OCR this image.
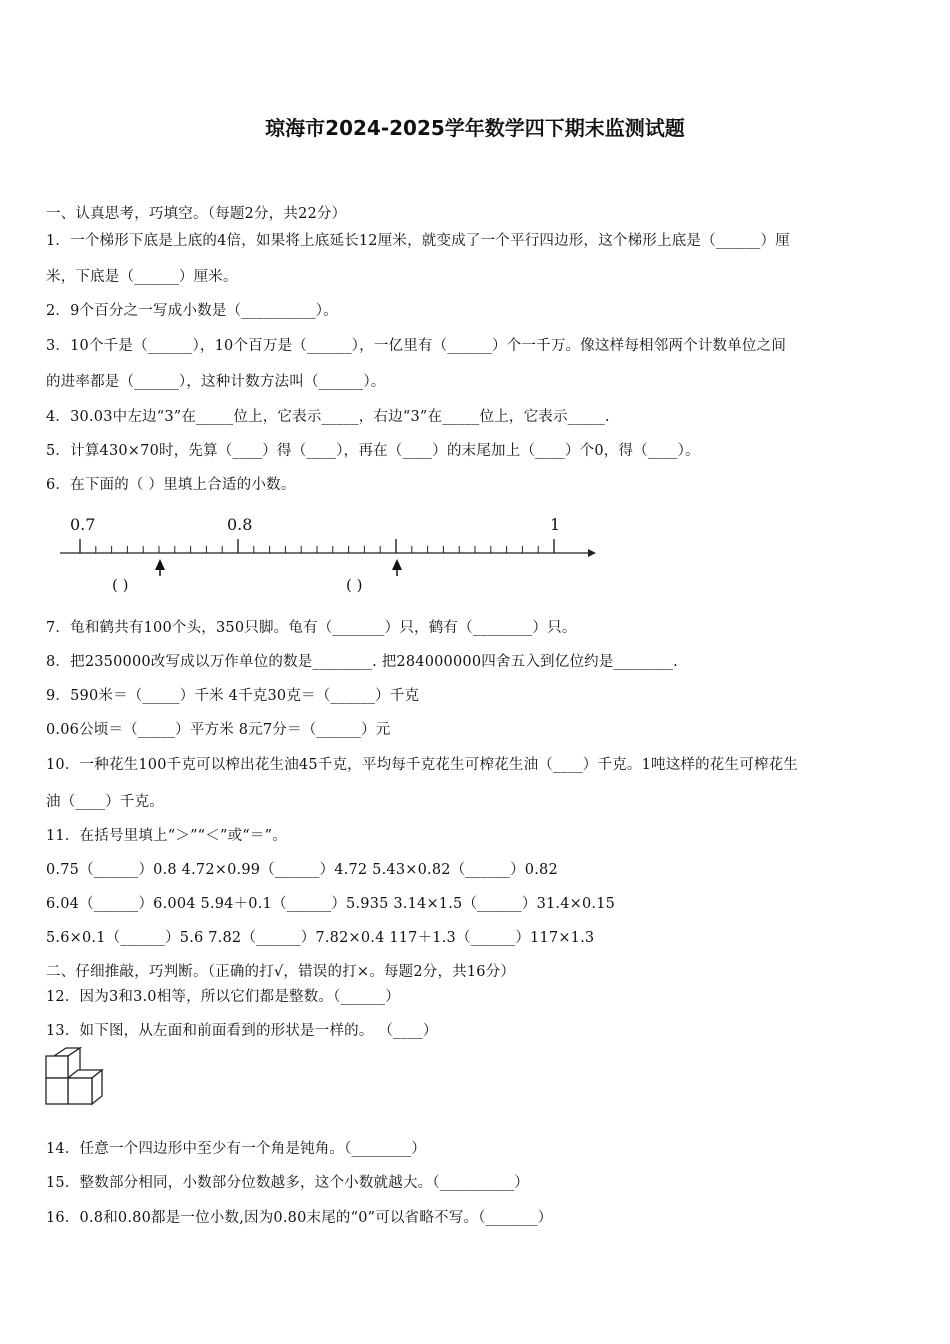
琼海市2024-2025学年数学四下期末监测试题
一、认真思考，巧填空。（每题2分，共22分）
1．一个梯形下底是上底的4倍，如果将上底延长12厘米，就变成了一个平行四边形，这个梯形上底是（______）厘
米，下底是（______）厘米。
2．9个百分之一写成小数是（__________）。
3．10个千是（______），10个百万是（______），一亿里有（______）个一千万。像这样每相邻两个计数单位之间
的进率都是（______），这种计数方法叫（______）。
4．30.03中左边“3”在_____位上，它表示_____，右边“3”在_____位上，它表示_____.
5．计算430×70时，先算（____）得（____），再在（____）的末尾加上（____）个0，得（____）。
6．在下面的（ ）里填上合适的小数。
0.7	0.8	1
( )	( )
7．龟和鹤共有100个头，350只脚。龟有（_______）只，鹤有（________）只。
8．把2350000改写成以万作单位的数是________. 把284000000四舍五入到亿位约是________.
9．590米＝（_____）千米 4千克30克＝（______）千克
0.06公顷＝（_____）平方米 8元7分＝（______）元
10．一种花生100千克可以榨出花生油45千克，平均每千克花生可榨花生油（____）千克。1吨这样的花生可榨花生
油（____）千克。
11．在括号里填上“＞”“＜”或“＝”。
0.75（______）0.8 4.72×0.99（______）4.72 5.43×0.82（______）0.82
6.04（______）6.004 5.94＋0.1（______）5.935 3.14×1.5（______）31.4×0.15
5.6×0.1（______）5.6 7.82（______）7.82×0.4 117＋1.3（______）117×1.3
二、仔细推敲，巧判断。（正确的打√，错误的打×。每题2分，共16分）
12．因为3和3.0相等，所以它们都是整数。（______）
13．如下图，从左面和前面看到的形状是一样的。 （____）
14．任意一个四边形中至少有一个角是钝角。（________）
15．整数部分相同，小数部分位数越多，这个小数就越大。（__________）
16．0.8和0.80都是一位小数,因为0.80末尾的“0”可以省略不写。（_______）
